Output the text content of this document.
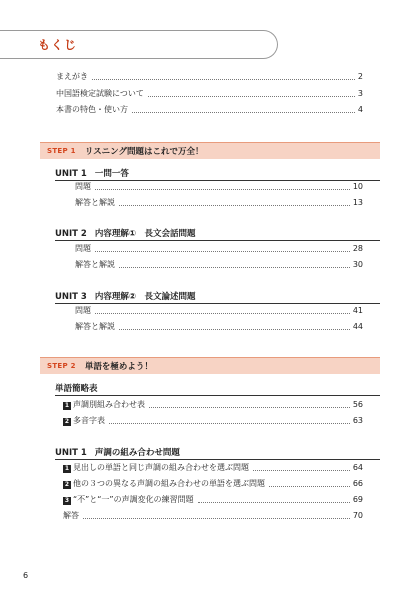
もくじ
まえがき	2
中国語検定試験について	3
本書の特色・使い方	4
STEP 1 リスニング問題はこれで万全！
UNIT 1 一問一答
問題	10
解答と解説	13
UNIT 2 内容理解①　長文会話問題
問題	28
解答と解説	30
UNIT 3 内容理解②　長文論述問題
問題	41
解答と解説	44
STEP 2 単語を極めよう！
単語簡略表
1 声調別組み合わせ表	56
2 多音字表	63
UNIT 1 声調の組み合わせ問題
1 見出しの単語と同じ声調の組み合わせを選ぶ問題	64
2 他の３つの異なる声調の組み合わせの単語を選ぶ問題	66
3 “不”と“一”の声調変化の練習問題	69
解答	70
6
